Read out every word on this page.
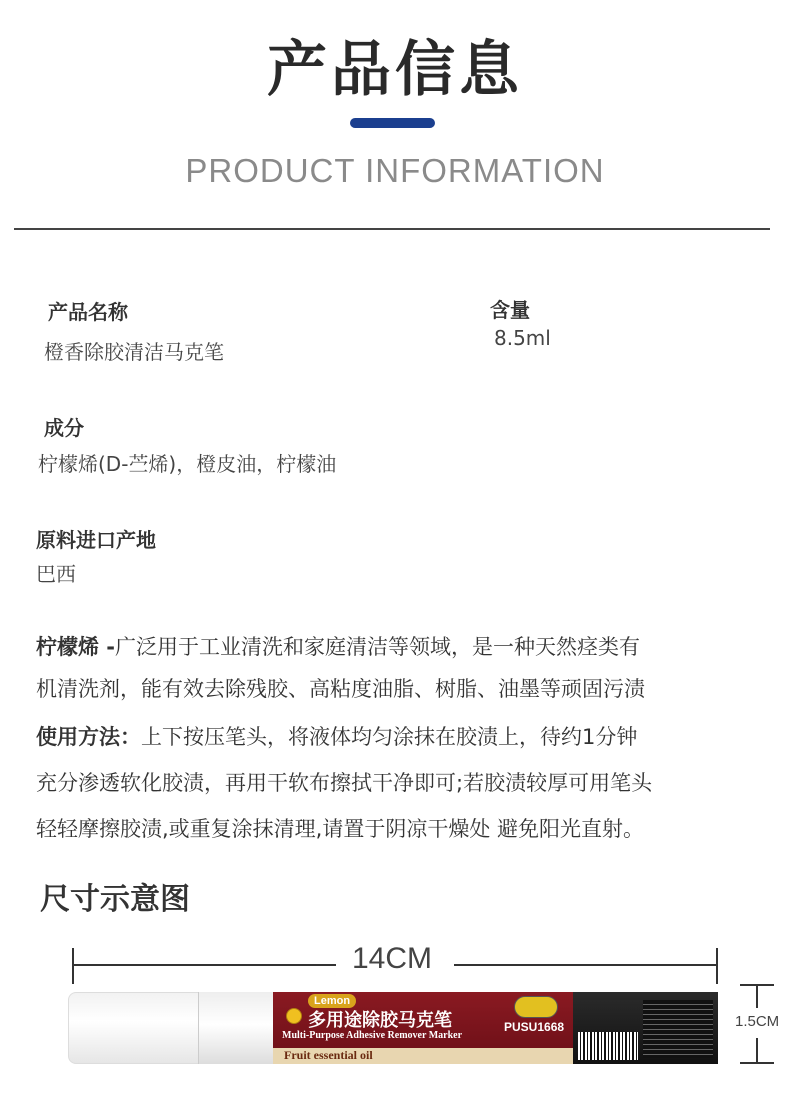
产品信息
PRODUCT INFORMATION
产品名称
橙香除胶清洁马克笔
含量
8.5ml
成分
柠檬烯(D-苎烯)，橙皮油，柠檬油
原料进口产地
巴西
柠檬烯 -广泛用于工业清洗和家庭清洁等领域，是一种天然痉类有
机清洗剂，能有效去除残胶、高粘度油脂、树脂、油墨等顽固污渍
使用方法：上下按压笔头，将液体均匀涂抹在胶渍上，待约1分钟
充分渗透软化胶渍，再用干软布擦拭干净即可;若胶渍较厚可用笔头
轻轻摩擦胶渍,或重复涂抹清理,请置于阴凉干燥处 避免阳光直射。
尺寸示意图
14CM
1.5CM
Lemon
多用途除胶马克笔
Multi-Purpose Adhesive Remover Marker
Fruit essential oil
PUSU1668
